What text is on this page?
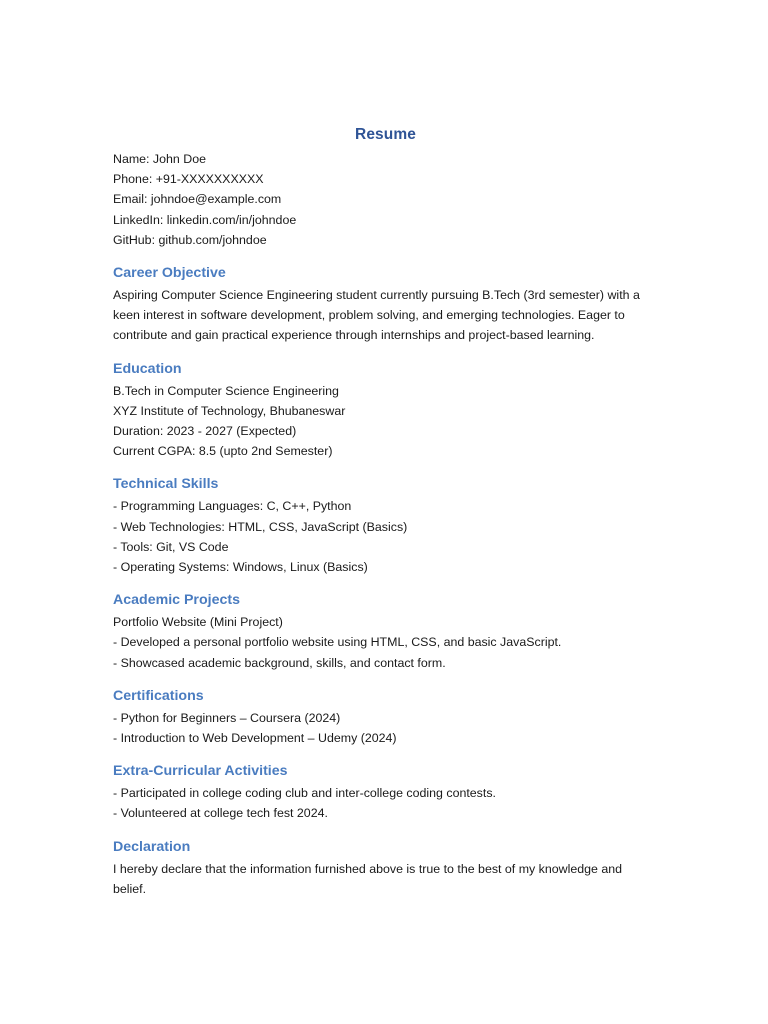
Resume

Name: John Doe

Phone: +91-XXXXXXXXXX

Email: johndoe@example.com

LinkedIn: linkedin.com/in/johndoe

GitHub: github.com/johndoe

Career Objective

Aspiring Computer Science Engineering student currently pursuing B.Tech (3rd semester) with a keen interest in software development, problem solving, and emerging technologies. Eager to contribute and gain practical experience through internships and project-based learning.

Education

B.Tech in Computer Science Engineering

XYZ Institute of Technology, Bhubaneswar

Duration: 2023 - 2027 (Expected)

Current CGPA: 8.5 (upto 2nd Semester)

Technical Skills

- Programming Languages: C, C++, Python

- Web Technologies: HTML, CSS, JavaScript (Basics)

- Tools: Git, VS Code

- Operating Systems: Windows, Linux (Basics)

Academic Projects

Portfolio Website (Mini Project)

- Developed a personal portfolio website using HTML, CSS, and basic JavaScript.

- Showcased academic background, skills, and contact form.

Certifications

- Python for Beginners – Coursera (2024)

- Introduction to Web Development – Udemy (2024)

Extra-Curricular Activities

- Participated in college coding club and inter-college coding contests.

- Volunteered at college tech fest 2024.

Declaration

I hereby declare that the information furnished above is true to the best of my knowledge and belief.
